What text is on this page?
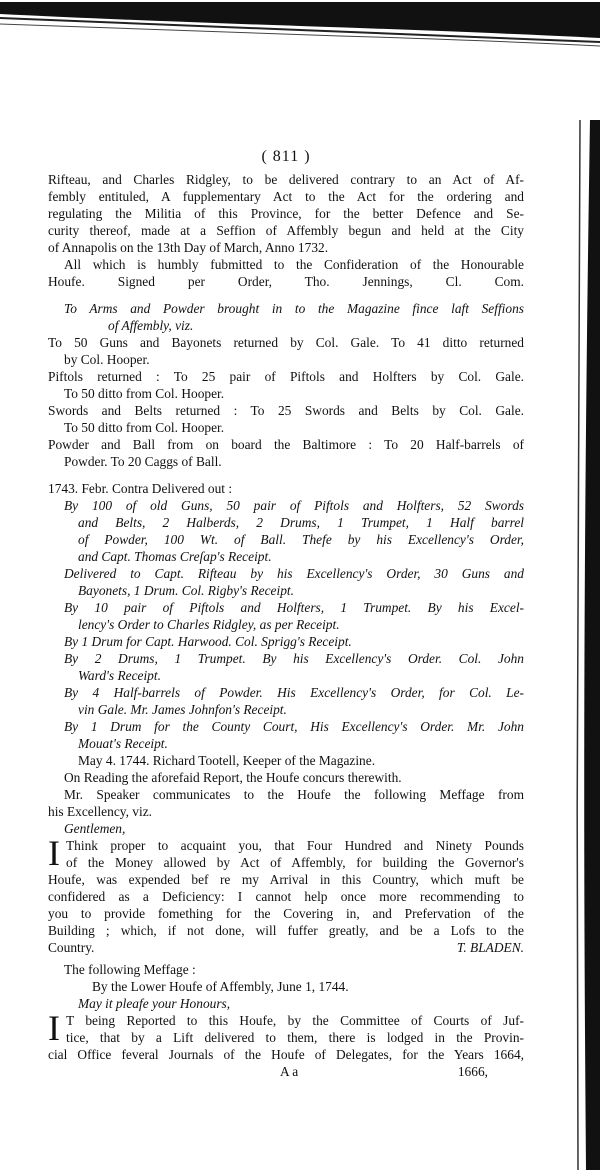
( 811 )
Rifteau, and Charles Ridgley, to be delivered contrary to an Act of Af-
fembly entituled, A fupplementary Act to the Act for the ordering and
regulating the Militia of this Province, for the better Defence and Se-
curity thereof, made at a Seffion of Affembly begun and held at the City
of Annapolis on the 13th Day of March, Anno 1732.
All which is humbly fubmitted to the Confideration of the Honourable
Houfe. Signed per Order, Tho. Jennings, Cl. Com.
To Arms and Powder brought in to the Magazine fince laft Seffions
of Affembly, viz.
To 50 Guns and Bayonets returned by Col. Gale. To 41 ditto returned
by Col. Hooper.
Piftols returned : To 25 pair of Piftols and Holfters by Col. Gale.
To 50 ditto from Col. Hooper.
Swords and Belts returned : To 25 Swords and Belts by Col. Gale.
To 50 ditto from Col. Hooper.
Powder and Ball from on board the Baltimore : To 20 Half-barrels of
Powder. To 20 Caggs of Ball.
1743. Febr. Contra Delivered out :
By 100 of old Guns, 50 pair of Piftols and Holfters, 52 Swords
and Belts, 2 Halberds, 2 Drums, 1 Trumpet, 1 Half barrel
of Powder, 100 Wt. of Ball. Thefe by his Excellency's Order,
and Capt. Thomas Creſap's Receipt.
Delivered to Capt. Rifteau by his Excellency's Order, 30 Guns and
Bayonets, 1 Drum. Col. Rigby's Receipt.
By 10 pair of Piftols and Holfters, 1 Trumpet. By his Excel-
lency's Order to Charles Ridgley, as per Receipt.
By 1 Drum for Capt. Harwood. Col. Sprigg's Receipt.
By 2 Drums, 1 Trumpet. By his Excellency's Order. Col. John
Ward's Receipt.
By 4 Half-barrels of Powder. His Excellency's Order, for Col. Le-
vin Gale. Mr. James Johnfon's Receipt.
By 1 Drum for the County Court, His Excellency's Order. Mr. John
Mouat's Receipt.
May 4. 1744. Richard Tootell, Keeper of the Magazine.
On Reading the aforefaid Report, the Houfe concurs therewith.
Mr. Speaker communicates to the Houfe the following Meffage from
his Excellency, viz.
Gentlemen,
I Think proper to acquaint you, that Four Hundred and Ninety Pounds
of the Money allowed by Act of Affembly, for building the Governor's
Houfe, was expended bef re my Arrival in this Country, which muft be
confidered as a Deficiency: I cannot help once more recommending to
you to provide fomething for the Covering in, and Prefervation of the
Building ; which, if not done, will fuffer greatly, and be a Lofs to the
Country.	T. BLADEN.
The following Meffage :
By the Lower Houfe of Affembly, June 1, 1744.
May it pleafe your Honours,
I T being Reported to this Houfe, by the Committee of Courts of Juf-
tice, that by a Lift delivered to them, there is lodged in the Provin-
cial Office feveral Journals of the Houfe of Delegates, for the Years 1664,
A a	1666,
